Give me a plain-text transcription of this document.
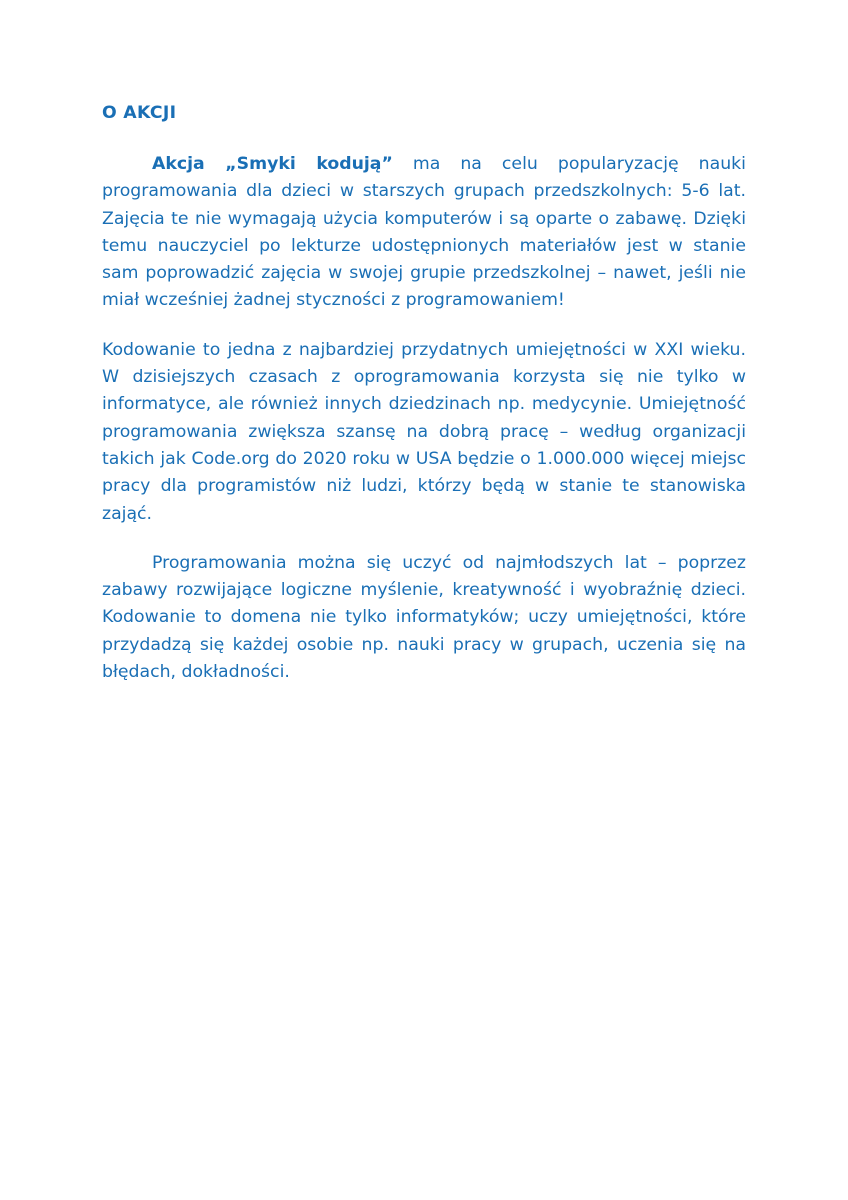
O AKCJI

Akcja „Smyki kodują” ma na celu popularyzację nauki programowania dla dzieci w starszych grupach przedszkolnych: 5-6 lat. Zajęcia te nie wymagają użycia komputerów i są oparte o zabawę. Dzięki temu nauczyciel po lekturze udostępnionych materiałów jest w stanie sam poprowadzić zajęcia w swojej grupie przedszkolnej – nawet, jeśli nie miał wcześniej żadnej styczności z programowaniem!

Kodowanie to jedna z najbardziej przydatnych umiejętności w XXI wieku. W dzisiejszych czasach z oprogramowania korzysta się nie tylko w informatyce, ale również innych dziedzinach np. medycynie. Umiejętność programowania zwiększa szansę na dobrą pracę – według organizacji takich jak Code.org do 2020 roku w USA będzie o 1.000.000 więcej miejsc pracy dla programistów niż ludzi, którzy będą w stanie te stanowiska zająć.

Programowania można się uczyć od najmłodszych lat – poprzez zabawy rozwijające logiczne myślenie, kreatywność i wyobraźnię dzieci. Kodowanie to domena nie tylko informatyków; uczy umiejętności, które przydadzą się każdej osobie np. nauki pracy w grupach, uczenia się na błędach, dokładności.
